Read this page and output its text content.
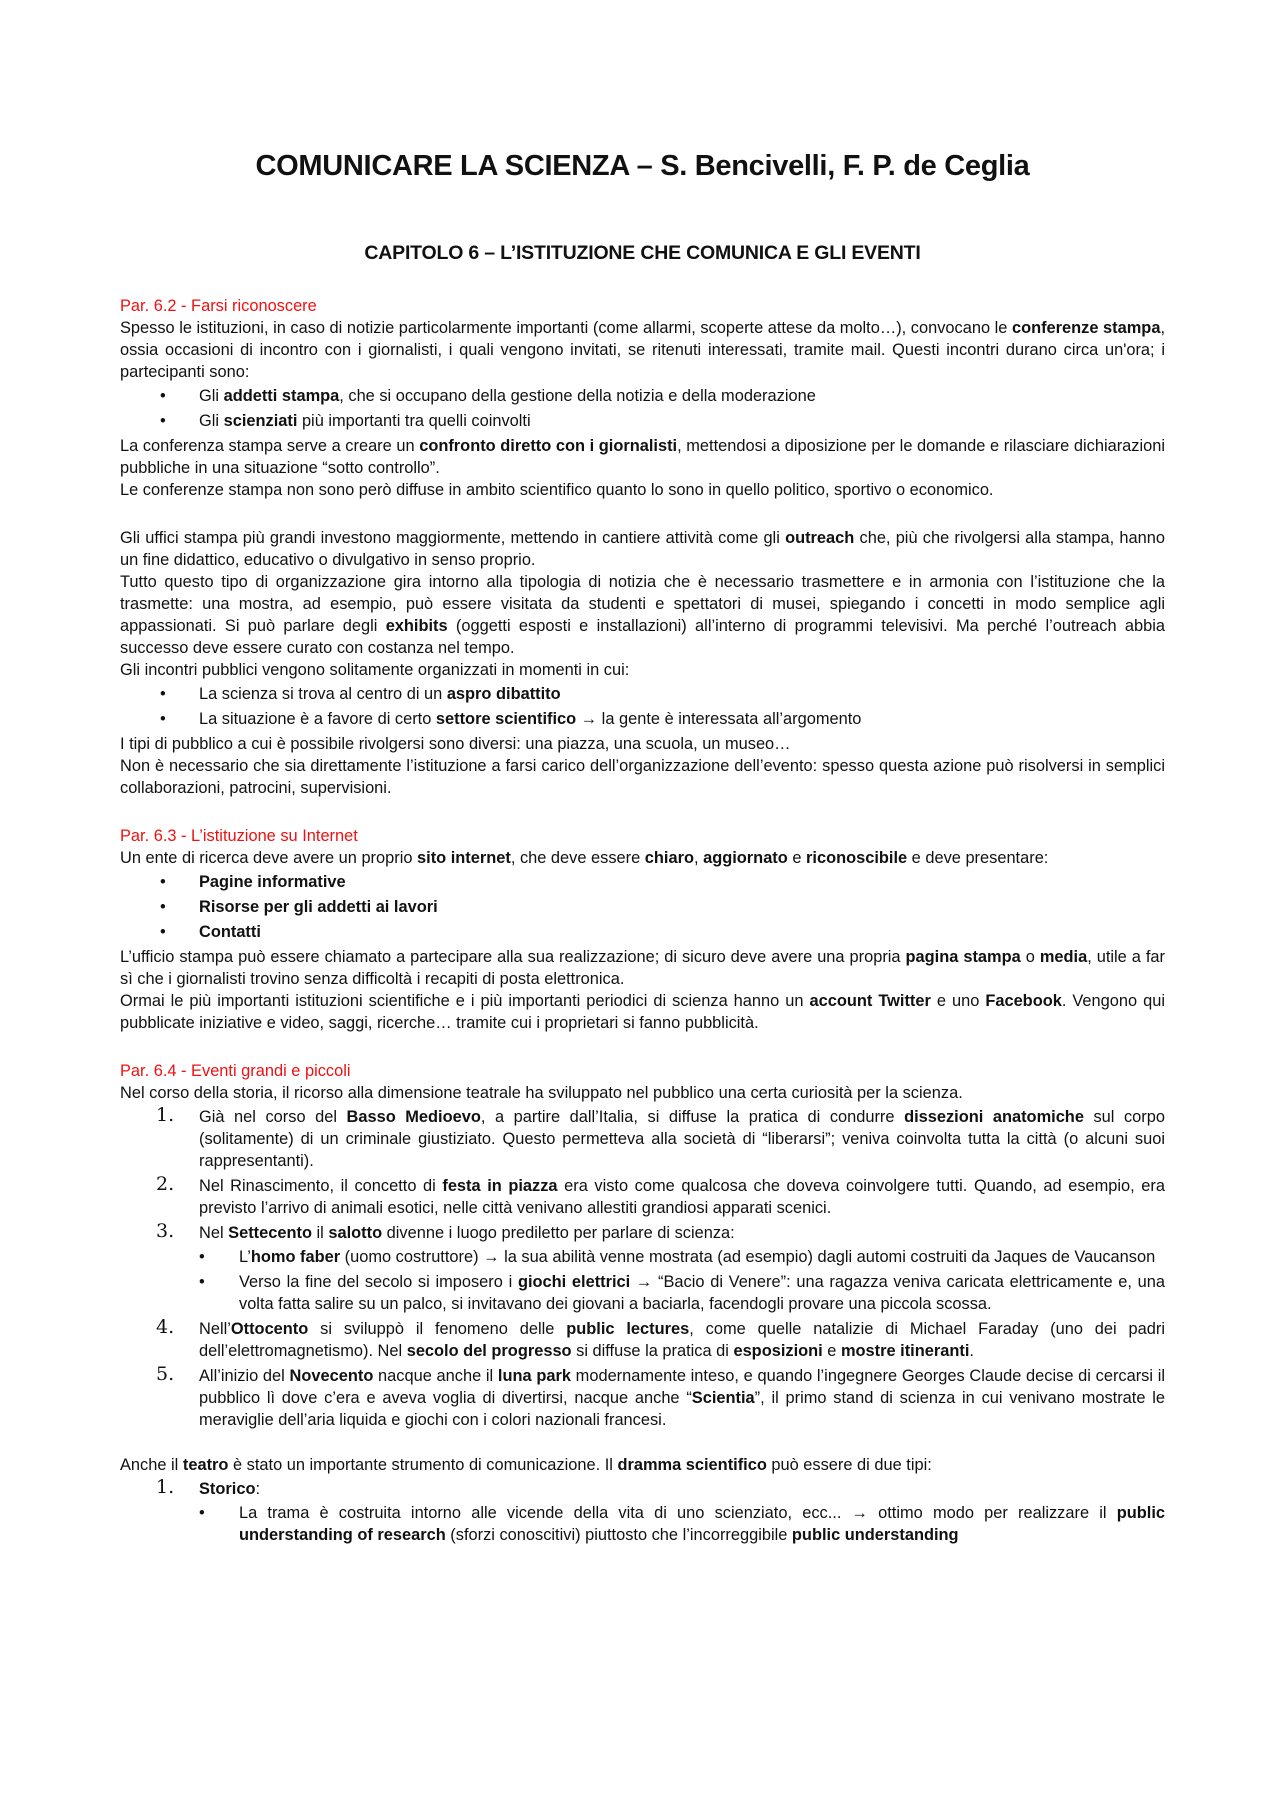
COMUNICARE LA SCIENZA – S. Bencivelli, F. P. de Ceglia
CAPITOLO 6 – L’ISTITUZIONE CHE COMUNICA E GLI EVENTI

Par. 6.2 - Farsi riconoscere

Spesso le istituzioni, in caso di notizie particolarmente importanti (come allarmi, scoperte attese da molto…), convocano le conferenze stampa, ossia occasioni di incontro con i giornalisti, i quali vengono invitati, se ritenuti interessati, tramite mail. Questi incontri durano circa un'ora; i partecipanti sono:

• Gli addetti stampa, che si occupano della gestione della notizia e della moderazione
• Gli scienziati più importanti tra quelli coinvolti

La conferenza stampa serve a creare un confronto diretto con i giornalisti, mettendosi a diposizione per le domande e rilasciare dichiarazioni pubbliche in una situazione “sotto controllo”.

Le conferenze stampa non sono però diffuse in ambito scientifico quanto lo sono in quello politico, sportivo o economico.

Gli uffici stampa più grandi investono maggiormente, mettendo in cantiere attività come gli outreach che, più che rivolgersi alla stampa, hanno un fine didattico, educativo o divulgativo in senso proprio.

Tutto questo tipo di organizzazione gira intorno alla tipologia di notizia che è necessario trasmettere e in armonia con l’istituzione che la trasmette: una mostra, ad esempio, può essere visitata da studenti e spettatori di musei, spiegando i concetti in modo semplice agli appassionati. Si può parlare degli exhibits (oggetti esposti e installazioni) all’interno di programmi televisivi. Ma perché l’outreach abbia successo deve essere curato con costanza nel tempo.

Gli incontri pubblici vengono solitamente organizzati in momenti in cui:

• La scienza si trova al centro di un aspro dibattito
• La situazione è a favore di certo settore scientifico → la gente è interessata all’argomento

I tipi di pubblico a cui è possibile rivolgersi sono diversi: una piazza, una scuola, un museo…

Non è necessario che sia direttamente l’istituzione a farsi carico dell’organizzazione dell’evento: spesso questa azione può risolversi in semplici collaborazioni, patrocini, supervisioni.

Par. 6.3 - L’istituzione su Internet

Un ente di ricerca deve avere un proprio sito internet, che deve essere chiaro, aggiornato e riconoscibile e deve presentare:

• Pagine informative
• Risorse per gli addetti ai lavori
• Contatti

L’ufficio stampa può essere chiamato a partecipare alla sua realizzazione; di sicuro deve avere una propria pagina stampa o media, utile a far sì che i giornalisti trovino senza difficoltà i recapiti di posta elettronica.

Ormai le più importanti istituzioni scientifiche e i più importanti periodici di scienza hanno un account Twitter e uno Facebook. Vengono qui pubblicate iniziative e video, saggi, ricerche… tramite cui i proprietari si fanno pubblicità.

Par. 6.4 - Eventi grandi e piccoli

Nel corso della storia, il ricorso alla dimensione teatrale ha sviluppato nel pubblico una certa curiosità per la scienza.

1. Già nel corso del Basso Medioevo, a partire dall’Italia, si diffuse la pratica di condurre dissezioni anatomiche sul corpo (solitamente) di un criminale giustiziato. Questo permetteva alla società di “liberarsi”; veniva coinvolta tutta la città (o alcuni suoi rappresentanti).
2. Nel Rinascimento, il concetto di festa in piazza era visto come qualcosa che doveva coinvolgere tutti. Quando, ad esempio, era previsto l’arrivo di animali esotici, nelle città venivano allestiti grandiosi apparati scenici.
3. Nel Settecento il salotto divenne i luogo prediletto per parlare di scienza:
• L’homo faber (uomo costruttore) → la sua abilità venne mostrata (ad esempio) dagli automi costruiti da Jaques de Vaucanson
• Verso la fine del secolo si imposero i giochi elettrici → “Bacio di Venere”: una ragazza veniva caricata elettricamente e, una volta fatta salire su un palco, si invitavano dei giovani a baciarla, facendogli provare una piccola scossa.
4. Nell’Ottocento si sviluppò il fenomeno delle public lectures, come quelle natalizie di Michael Faraday (uno dei padri dell’elettromagnetismo). Nel secolo del progresso si diffuse la pratica di esposizioni e mostre itineranti.
5. All’inizio del Novecento nacque anche il luna park modernamente inteso, e quando l’ingegnere Georges Claude decise di cercarsi il pubblico lì dove c’era e aveva voglia di divertirsi, nacque anche “Scientia”, il primo stand di scienza in cui venivano mostrate le meraviglie dell’aria liquida e giochi con i colori nazionali francesi.

Anche il teatro è stato un importante strumento di comunicazione. Il dramma scientifico può essere di due tipi:

1. Storico:
• La trama è costruita intorno alle vicende della vita di uno scienziato, ecc... → ottimo modo per realizzare il public understanding of research (sforzi conoscitivi) piuttosto che l’incorreggibile public understanding
